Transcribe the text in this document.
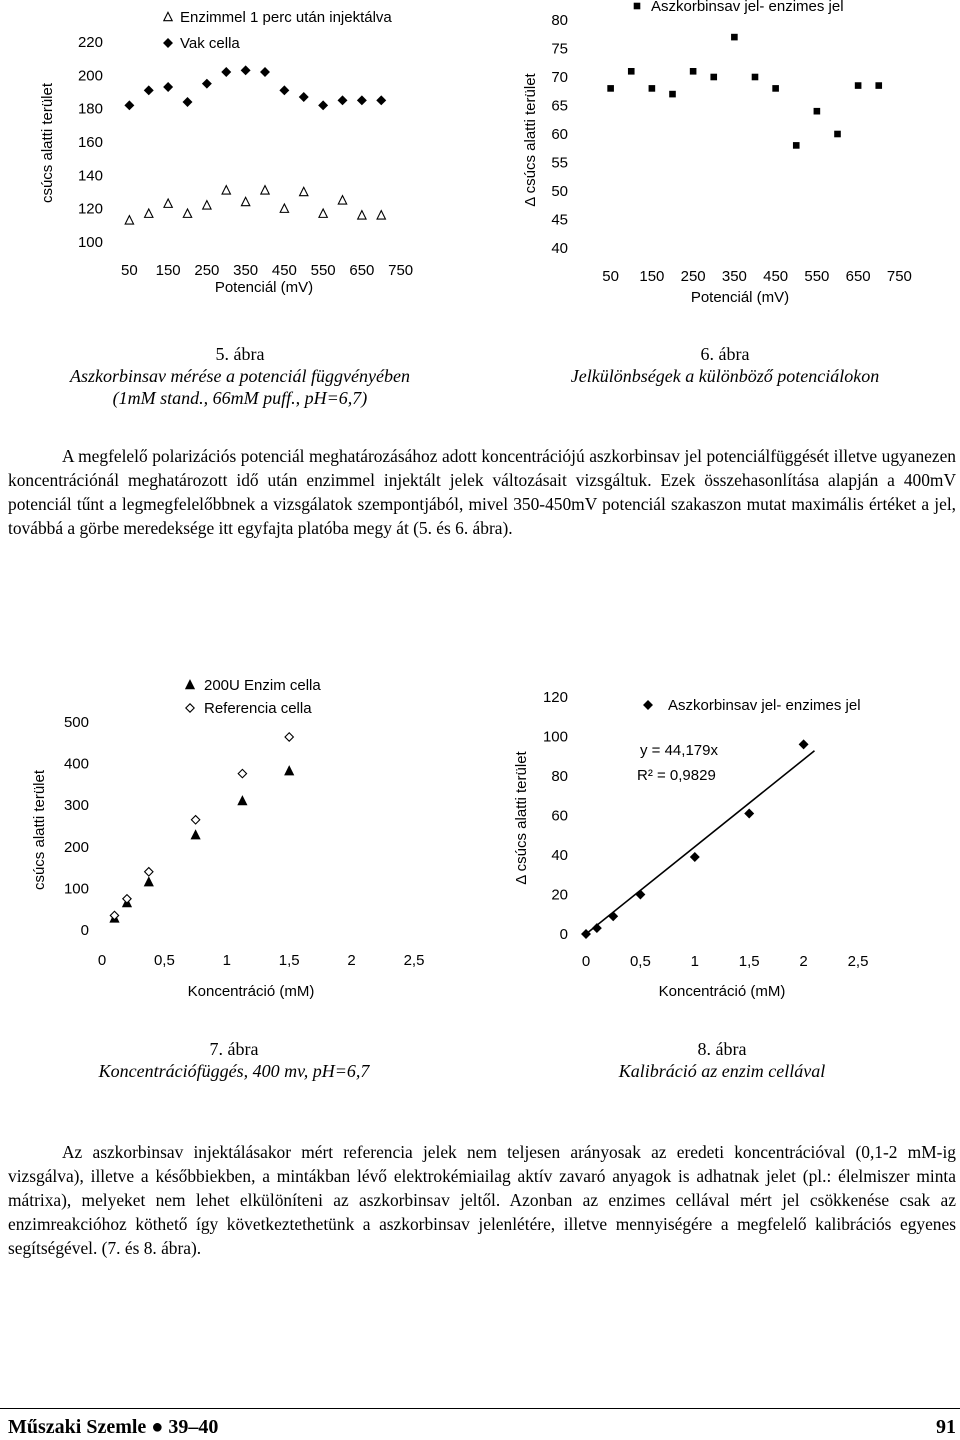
csúcs alatti terület
100
120
140
160
180
200
220
50 150 250 350 450 550 650 750
Potenciál (mV)
Enzimmel 1 perc után injektálva
Vak cella
Δ csúcs alatti terület
40
45
50
55
60
65
70
75
80
50 150 250 350 450 550 650 750
Potenciál (mV)
Aszkorbinsav jel- enzimes jel
5. ábra
Aszkorbinsav mérése a potenciál függvényében
(1mM stand., 66mM puff., pH=6,7)
6. ábra
Jelkülönbségek a különböző potenciálokon

A megfelelő polarizációs potenciál meghatározásához adott koncentrációjú aszkorbinsav jel potenciálfüggését illetve ugyanezen koncentrációnál meghatározott idő után enzimmel injektált jelek változásait vizsgáltuk. Ezek összehasonlítása alapján a 400mV potenciál tűnt a legmegfelelőbbnek a vizsgálatok szempontjából, mivel 350-450mV potenciál szakaszon mutat maximális értéket a jel, továbbá a görbe meredeksége itt egyfajta platóba megy át (5. és 6. ábra).

csúcs alatti terület
0
100
200
300
400
500
0	0,5	1	1,5	2	2,5
Koncentráció (mM)
200U Enzim cella
Referencia cella
Δ csúcs alatti terület
0
20
40
60
80
100
120
0	0,5	1	1,5	2	2,5
Koncentráció (mM)
Aszkorbinsav jel- enzimes jel
y = 44,179x
R² = 0,9829
7. ábra
Koncentrációfüggés, 400 mv, pH=6,7
8. ábra
Kalibráció az enzim cellával

Az aszkorbinsav injektálásakor mért referencia jelek nem teljesen arányosak az eredeti koncentrációval (0,1-2 mM-ig vizsgálva), illetve a későbbiekben, a mintákban lévő elektrokémiailag aktív zavaró anyagok is adhatnak jelet (pl.: élelmiszer minta mátrixa), melyeket nem lehet elkülöníteni az aszkorbinsav jeltől. Azonban az enzimes cellával mért jel csökkenése csak az enzimreakcióhoz köthető így következtethetünk a aszkorbinsav jelenlétére, illetve mennyiségére a megfelelő kalibrációs egyenes segítségével. (7. és 8. ábra).

Műszaki Szemle ● 39–40	91
